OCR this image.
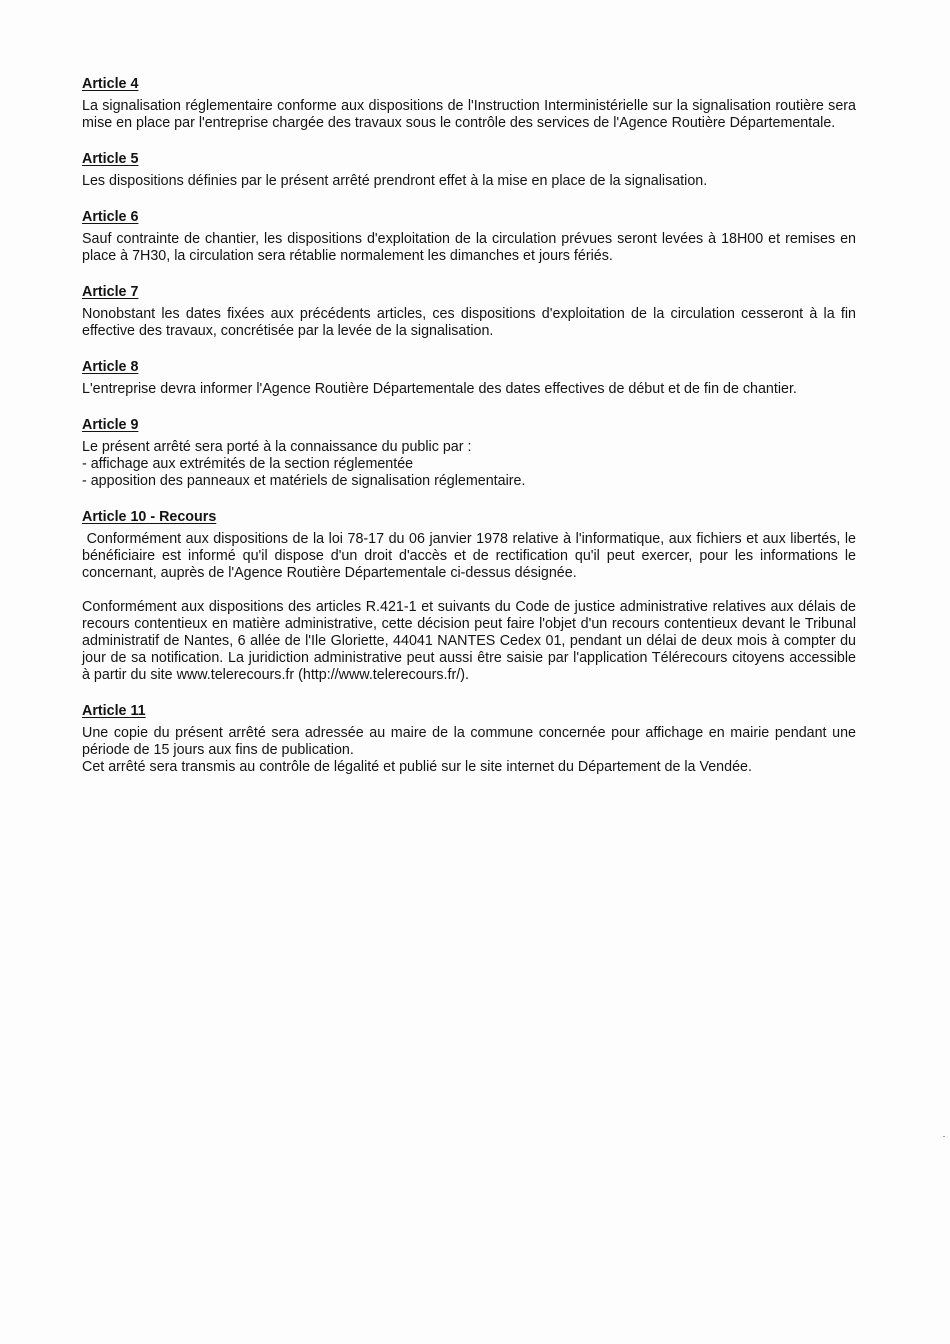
Article 4

La signalisation réglementaire conforme aux dispositions de l'Instruction Interministérielle sur la signalisation routière sera mise en place par l'entreprise chargée des travaux sous le contrôle des services de l'Agence Routière Départementale.

Article 5

Les dispositions définies par le présent arrêté prendront effet à la mise en place de la signalisation.

Article 6

Sauf contrainte de chantier, les dispositions d'exploitation de la circulation prévues seront levées à 18H00 et remises en place à 7H30, la circulation sera rétablie normalement les dimanches et jours fériés.

Article 7

Nonobstant les dates fixées aux précédents articles, ces dispositions d'exploitation de la circulation cesseront à la fin effective des travaux, concrétisée par la levée de la signalisation.

Article 8

L'entreprise devra informer l'Agence Routière Départementale des dates effectives de début et de fin de chantier.

Article 9

Le présent arrêté sera porté à la connaissance du public par :

- affichage aux extrémités de la section réglementée
- apposition des panneaux et matériels de signalisation réglementaire.
Article 10 - Recours

Conformément aux dispositions de la loi 78-17 du 06 janvier 1978 relative à l'informatique, aux fichiers et aux libertés, le bénéficiaire est informé qu'il dispose d'un droit d'accès et de rectification qu'il peut exercer, pour les informations le concernant, auprès de l'Agence Routière Départementale ci-dessus désignée.

Conformément aux dispositions des articles R.421-1 et suivants du Code de justice administrative relatives aux délais de recours contentieux en matière administrative, cette décision peut faire l'objet d'un recours contentieux devant le Tribunal administratif de Nantes, 6 allée de l'Ile Gloriette, 44041 NANTES Cedex 01, pendant un délai de deux mois à compter du jour de sa notification. La juridiction administrative peut aussi être saisie par l'application Télérecours citoyens accessible à partir du site www.telerecours.fr (http://www.telerecours.fr/).

Article 11

Une copie du présent arrêté sera adressée au maire de la commune concernée pour affichage en mairie pendant une période de 15 jours aux fins de publication.

Cet arrêté sera transmis au contrôle de légalité et publié sur le site internet du Département de la Vendée.
